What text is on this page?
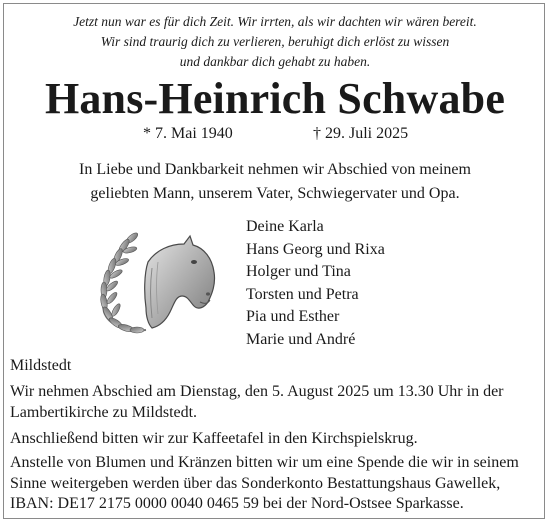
Jetzt nun war es für dich Zeit. Wir irrten, als wir dachten wir wären bereit.
Wir sind traurig dich zu verlieren, beruhigt dich erlöst zu wissen
und dankbar dich gehabt zu haben.
Hans-Heinrich Schwabe
* 7. Mai 1940	† 29. Juli 2025
In Liebe und Dankbarkeit nehmen wir Abschied von meinem
geliebten Mann, unserem Vater, Schwiegervater und Opa.
Deine Karla
Hans Georg und Rixa
Holger und Tina
Torsten und Petra
Pia und Esther
Marie und André
Mildstedt
Wir nehmen Abschied am Dienstag, den 5. August 2025 um 13.30 Uhr in der
Lambertikirche zu Mildstedt.
Anschließend bitten wir zur Kaffeetafel in den Kirchspielskrug.
Anstelle von Blumen und Kränzen bitten wir um eine Spende die wir in seinem
Sinne weitergeben werden über das Sonderkonto Bestattungshaus Gawellek,
IBAN: DE17 2175 0000 0040 0465 59 bei der Nord-Ostsee Sparkasse.
